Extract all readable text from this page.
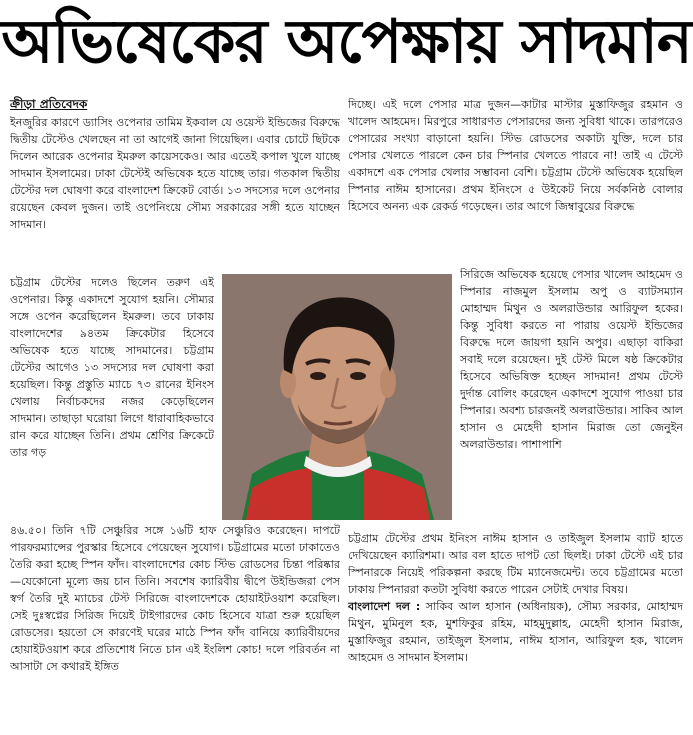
অভিষেকের অপেক্ষায় সাদমান

ক্রীড়া প্রতিবেদক

ইনজুরির কারণে ড্যাসিং ওপেনার তামিম ইকবাল যে ওয়েস্ট ইন্ডিজের বিরুদ্ধে দ্বিতীয় টেস্টেও খেলছেন না তা আগেই জানা গিয়েছিল। এবার চোটে ছিটকে দিলেন আরেক ওপেনার ইমরুল কায়েসকেও। আর এতেই কপাল খুলে যাচ্ছে সাদমান ইসলামের। ঢাকা টেস্টেই অভিষেক হতে যাচ্ছে তার। গতকাল দ্বিতীয় টেস্টের দল ঘোষণা করে বাংলাদেশ ক্রিকেট বোর্ড। ১৩ সদস্যের দলে ওপেনার রয়েছেন কেবল দুজন। তাই ওপেনিংয়ে সৌম্য সরকারের সঙ্গী হতে যাচ্ছেন সাদমান।

চট্টগ্রাম টেস্টের দলেও ছিলেন তরুণ এই ওপেনার। কিন্তু একাদশে সুযোগ হয়নি। সৌম্যর সঙ্গে ওপেন করেছিলেন ইমরুল। তবে ঢাকায় বাংলাদেশের ৯৪তম ক্রিকেটার হিসেবে অভিষেক হতে যাচ্ছে সাদমানের। চট্টগ্রাম টেস্টের আগেও ১৩ সদস্যের দল ঘোষণা করা হয়েছিল। কিন্তু প্রস্তুতি ম্যাচে ৭৩ রানের ইনিংস খেলায় নির্বাচকদের নজর কেড়েছিলেন সাদমান। তাছাড়া ঘরোয়া লিগে ধারাবাহিকভাবে রান করে যাচ্ছেন তিনি। প্রথম শ্রেণির ক্রিকেটে তার গড়

৪৬.৫০। তিনি ৭টি সেঞ্চুরির সঙ্গে ১৬টি হাফ সেঞ্চুরিও করেছেন। দাপটে পারফরম্যান্সের পুরস্কার হিসেবে পেয়েছেন সুযোগ। চট্টগ্রামের মতো ঢাকাতেও তৈরি করা হচ্ছে স্পিন ফাঁদ। বাংলাদেশের কোচ স্টিভ রোডসের চিন্তা পরিষ্কার—যেকোনো মূল্যে জয় চান তিনি। সবশেষ ক্যারিবীয় দ্বীপে উইন্ডিজরা পেস স্বর্গ তৈরি দুই ম্যাচের টেস্ট সিরিজে বাংলাদেশকে হোয়াইটওয়াশ করেছিল। সেই দুঃস্বপ্নের সিরিজ দিয়েই টাইগারদের কোচ হিসেবে যাত্রা শুরু হয়েছিল রোডসের। হয়তো সে কারণেই ঘরের মাঠে স্পিন ফাঁদ বানিয়ে ক্যারিবীয়দের হোয়াইটওয়াশ করে প্রতিশোধ নিতে চান এই ইংলিশ কোচ! দলে পরিবর্তন না আসাটা সে কথারই ইঙ্গিত

দিচ্ছে। এই দলে পেসার মাত্র দুজন—কাটার মাস্টার মুস্তাফিজুর রহমান ও খালেদ আহমেদ। মিরপুরে সাধারণত পেসারদের জন্য সুবিধা থাকে। তারপরেও পেসারের সংখ্যা বাড়ানো হয়নি। স্টিভ রোডসের অকাট্য যুক্তি, দলে চার পেসার খেলতে পারলে কেন চার স্পিনার খেলতে পারবে না! তাই এ টেস্টে একাদশে এক পেসার খেলার সম্ভাবনা বেশি। চট্টগ্রাম টেস্টে অভিষেক হয়েছিল স্পিনার নাঈম হাসানের। প্রথম ইনিংসে ৫ উইকেট নিয়ে সর্বকনিষ্ঠ বোলার হিসেবে অনন্য এক রেকর্ড গড়েছেন। তার আগে জিম্বাবুয়ের বিরুদ্ধে

সিরিজে অভিষেক হয়েছে পেসার খালেদ আহমেদ ও স্পিনার নাজমুল ইসলাম অপু ও ব্যাটসম্যান মোহাম্মদ মিথুন ও অলরাউন্ডার আরিফুল হকের। কিন্তু সুবিধা করতে না পারায় ওয়েস্ট ইন্ডিজের বিরুদ্ধে দলে জায়গা হয়নি অপুর। এছাড়া বাকিরা সবাই দলে রয়েছেন। দুই টেস্ট মিলে ষষ্ঠ ক্রিকেটার হিসেবে অভিষিক্ত হচ্ছেন সাদমান! প্রথম টেস্টে দুর্দান্ত বোলিং করেছেন একাদশে সুযোগ পাওয়া চার স্পিনার। অবশ্য চারজনই অলরাউন্ডার। সাকিব আল হাসান ও মেহেদী হাসান মিরাজ তো জেনুইন অলরাউন্ডার। পাশাপাশি

চট্টগ্রাম টেস্টের প্রথম ইনিংস নাঈম হাসান ও তাইজুল ইসলাম ব্যাট হাতে দেখিয়েছেন ক্যারিশমা। আর বল হাতে দাপট তো ছিলই। ঢাকা টেস্টে এই চার স্পিনারকে নিয়েই পরিকল্পনা করছে টিম ম্যানেজমেন্ট। তবে চট্টগ্রামের মতো ঢাকায় স্পিনাররা কতটা সুবিধা করতে পারেন সেটাই দেখার বিষয়।

বাংলাদেশ দল : সাকিব আল হাসান (অধিনায়ক), সৌম্য সরকার, মোহাম্মদ মিথুন, মুমিনুল হক, মুশফিকুর রহিম, মাহমুদুল্লাহ, মেহেদী হাসান মিরাজ, মুস্তাফিজুর রহমান, তাইজুল ইসলাম, নাঈম হাসান, আরিফুল হক, খালেদ আহমেদ ও সাদমান ইসলাম।
